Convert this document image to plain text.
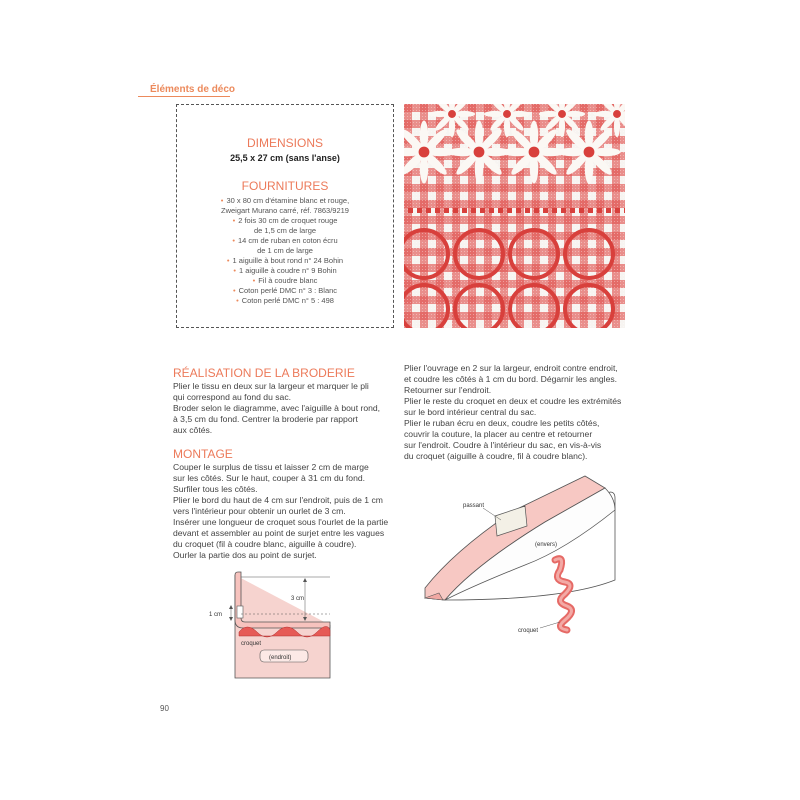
Éléments de déco
DIMENSIONS
25,5 x 27 cm (sans l'anse)
FOURNITURES
• 30 x 80 cm d'étamine blanc et rouge,
Zweigart Murano carré, réf. 7863/9219
• 2 fois 30 cm de croquet rouge
de 1,5 cm de large
• 14 cm de ruban en coton écru
de 1 cm de large
• 1 aiguille à bout rond n° 24 Bohin
• 1 aiguille à coudre n° 9 Bohin
• Fil à coudre blanc
• Coton perlé DMC n° 3 : Blanc
• Coton perlé DMC n° 5 : 498
RÉALISATION DE LA BRODERIE

Plier le tissu en deux sur la largeur et marquer le pli

qui correspond au fond du sac.

Broder selon le diagramme, avec l'aiguille à bout rond,

à 3,5 cm du fond. Centrer la broderie par rapport

aux côtés.

MONTAGE

Couper le surplus de tissu et laisser 2 cm de marge

sur les côtés. Sur le haut, couper à 31 cm du fond.

Surfiler tous les côtés.

Plier le bord du haut de 4 cm sur l'endroit, puis de 1 cm

vers l'intérieur pour obtenir un ourlet de 3 cm.

Insérer une longueur de croquet sous l'ourlet de la partie

devant et assembler au point de surjet entre les vagues

du croquet (fil à coudre blanc, aiguille à coudre).

Ourler la partie dos au point de surjet.

Plier l'ouvrage en 2 sur la largeur, endroit contre endroit,

et coudre les côtés à 1 cm du bord. Dégarnir les angles.

Retourner sur l'endroit.

Plier le reste du croquet en deux et coudre les extrémités

sur le bord intérieur central du sac.

Plier le ruban écru en deux, coudre les petits côtés,

couvrir la couture, la placer au centre et retourner

sur l'endroit. Coudre à l'intérieur du sac, en vis-à-vis

du croquet (aiguille à coudre, fil à coudre blanc).

3 cm
1 cm
croquet
(endroit)
passant
(envers)
croquet
90
